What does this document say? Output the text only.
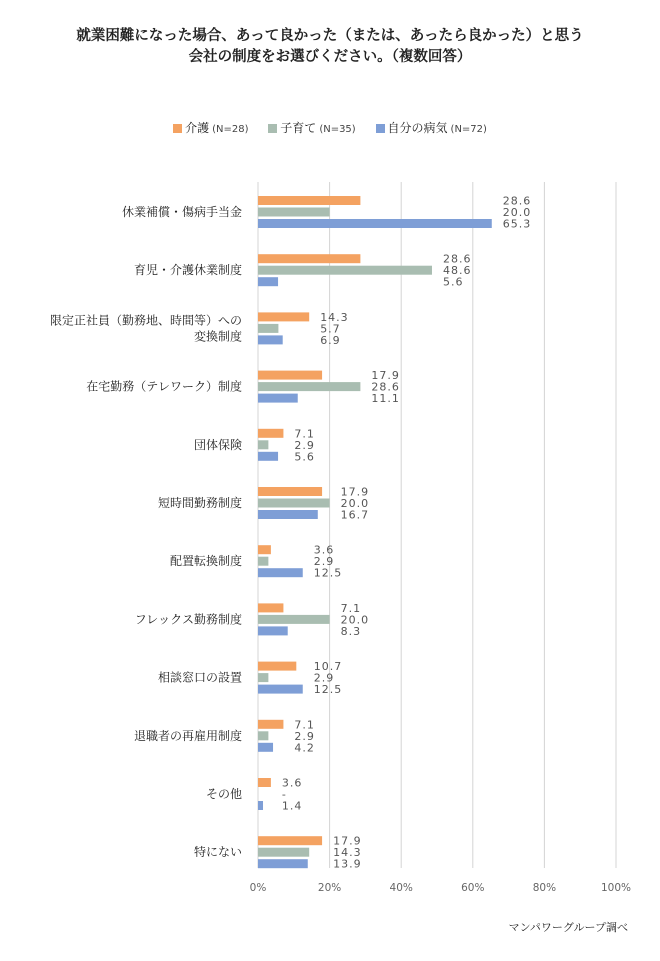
就業困難になった場合、あって良かった（または、あったら良かった）と思う
会社の制度をお選びください。（複数回答）
介護 (N=28)	子育て (N=35)	自分の病気 (N=72)
0%	20%	40%	60%	80%	100%
休業補償・傷病手当金
28.6
20.0
65.3
育児・介護休業制度
28.6
48.6
5.6
限定正社員（勤務地、時間等）への
変換制度
14.3
5.7
6.9
在宅勤務（テレワーク）制度
17.9
28.6
11.1
団体保険
7.1
2.9
5.6
短時間勤務制度
17.9
20.0
16.7
配置転換制度
3.6
2.9
12.5
フレックス勤務制度
7.1
20.0
8.3
相談窓口の設置
10.7
2.9
12.5
退職者の再雇用制度
7.1
2.9
4.2
その他
3.6
-
1.4
特にない
17.9
14.3
13.9
マンパワーグループ調べ
